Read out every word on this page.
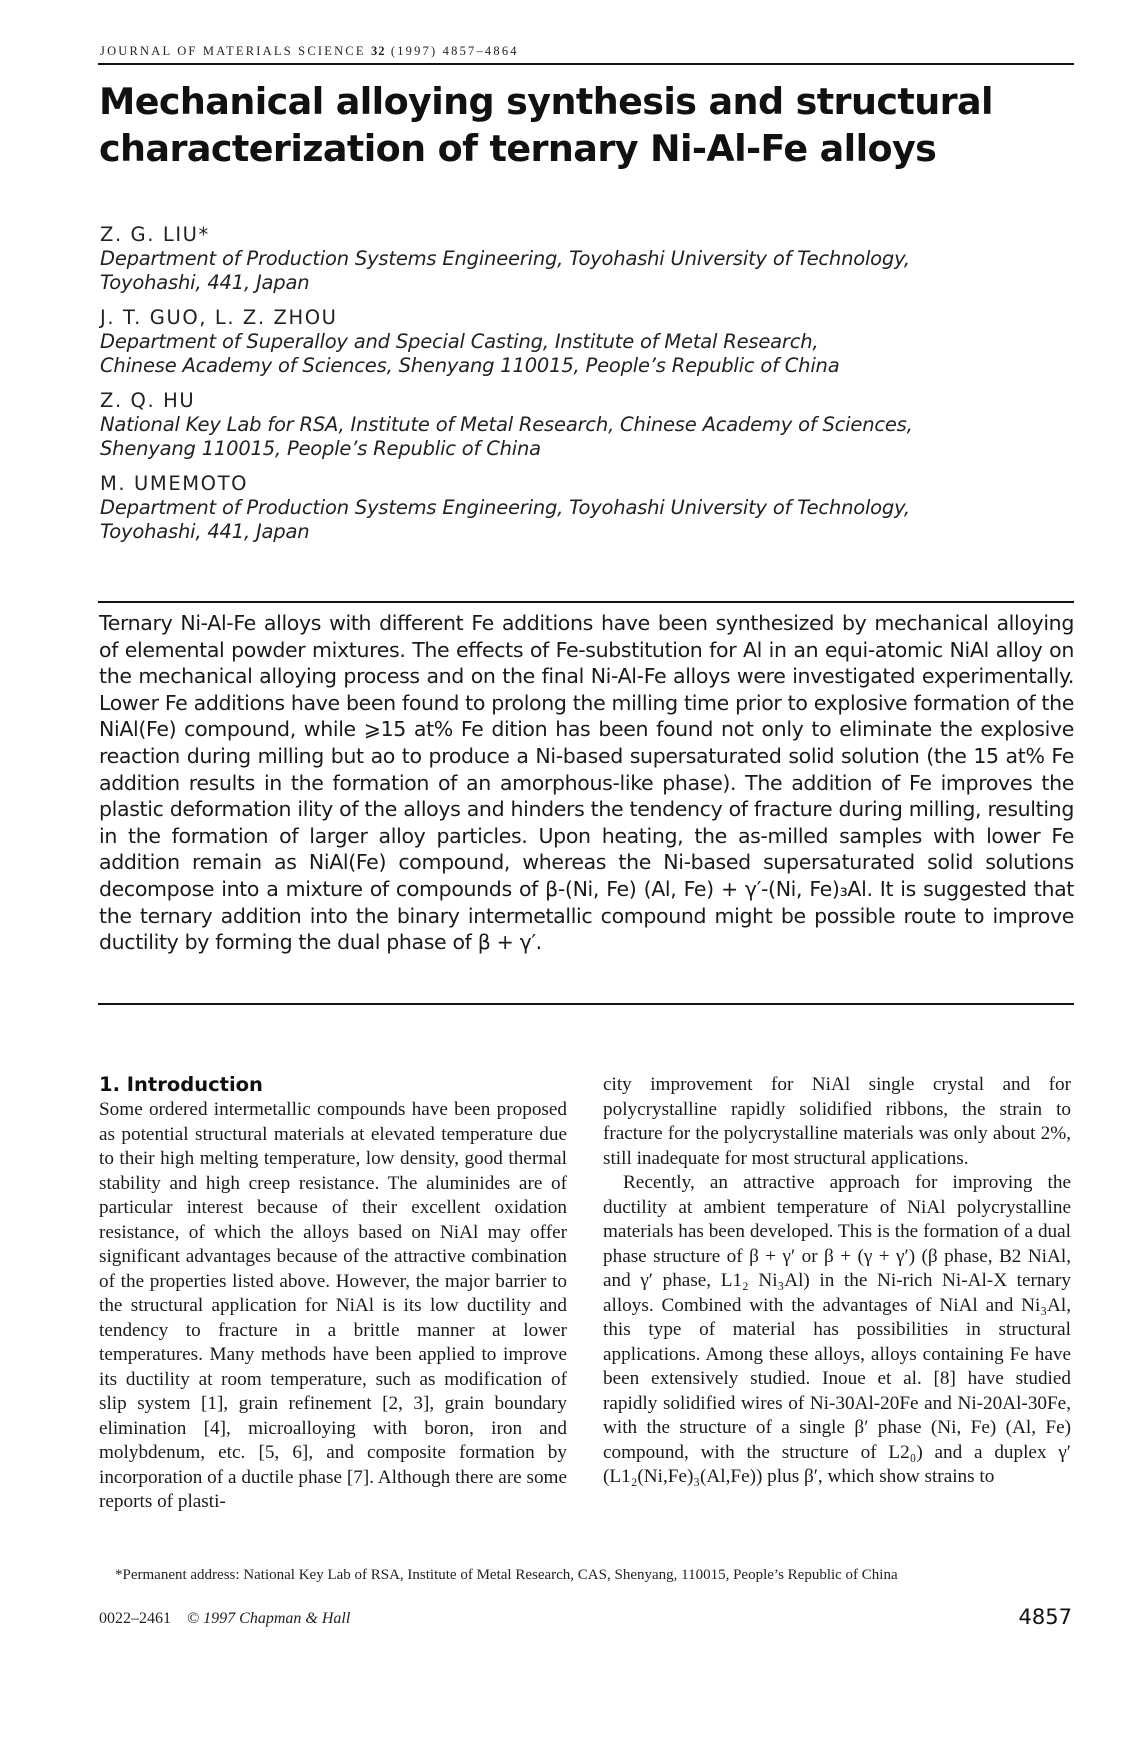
JOURNAL OF MATERIALS SCIENCE 32 (1997) 4857–4864
Mechanical alloying synthesis and structural
characterization of ternary Ni-Al-Fe alloys
Z. G. LIU*
Department of Production Systems Engineering, Toyohashi University of Technology,
Toyohashi, 441, Japan
J. T. GUO, L. Z. ZHOU
Department of Superalloy and Special Casting, Institute of Metal Research,
Chinese Academy of Sciences, Shenyang 110015, People’s Republic of China
Z. Q. HU
National Key Lab for RSA, Institute of Metal Research, Chinese Academy of Sciences,
Shenyang 110015, People’s Republic of China
M. UMEMOTO
Department of Production Systems Engineering, Toyohashi University of Technology,
Toyohashi, 441, Japan
Ternary Ni-Al-Fe alloys with different Fe additions have been synthesized by mechanical alloying of elemental powder mixtures. The effects of Fe-substitution for Al in an equi-atomic NiAl alloy on the mechanical alloying process and on the final Ni-Al-Fe alloys were investigated experimentally. Lower Fe additions have been found to prolong the milling time prior to explosive formation of the NiAl(Fe) compound, while ⩾15 at% Fe dition has been found not only to eliminate the explosive reaction during milling but ao to produce a Ni-based supersaturated solid solution (the 15 at% Fe addition results in the formation of an amorphous-like phase). The addition of Fe improves the plastic deformation ility of the alloys and hinders the tendency of fracture during milling, resulting in the formation of larger alloy particles. Upon heating, the as-milled samples with lower Fe addition remain as NiAl(Fe) compound, whereas the Ni-based supersaturated solid solutions decompose into a mixture of compounds of β-(Ni, Fe) (Al, Fe) + γ′-(Ni, Fe)₃Al. It is suggested that the ternary addition into the binary intermetallic compound might be possible route to improve ductility by forming the dual phase of β + γ′.
1. Introduction

Some ordered intermetallic compounds have been proposed as potential structural materials at elevated temperature due to their high melting temperature, low density, good thermal stability and high creep resistance. The aluminides are of particular interest because of their excellent oxidation resistance, of which the alloys based on NiAl may offer significant advantages because of the attractive combination of the properties listed above. However, the major barrier to the structural application for NiAl is its low ductility and tendency to fracture in a brittle manner at lower temperatures. Many methods have been applied to improve its ductility at room temperature, such as modification of slip system [1], grain refinement [2, 3], grain boundary elimination [4], microalloying with boron, iron and molybdenum, etc. [5, 6], and composite formation by incorporation of a ductile phase [7]. Although there are some reports of plasti-

city improvement for NiAl single crystal and for polycrystalline rapidly solidified ribbons, the strain to fracture for the polycrystalline materials was only about 2%, still inadequate for most structural applications.

Recently, an attractive approach for improving the ductility at ambient temperature of NiAl polycrystalline materials has been developed. This is the formation of a dual phase structure of β + γ′ or β + (γ + γ′) (β phase, B2 NiAl, and γ′ phase, L1₂ Ni₃Al) in the Ni-rich Ni-Al-X ternary alloys. Combined with the advantages of NiAl and Ni₃Al, this type of material has possibilities in structural applications. Among these alloys, alloys containing Fe have been extensively studied. Inoue et al. [8] have studied rapidly solidified wires of Ni-30Al-20Fe and Ni-20Al-30Fe, with the structure of a single β′ phase (Ni, Fe) (Al, Fe) compound, with the structure of L2₀) and a duplex γ′ (L1₂(Ni,Fe)₃(Al,Fe)) plus β′, which show strains to

*Permanent address: National Key Lab of RSA, Institute of Metal Research, CAS, Shenyang, 110015, People’s Republic of China
0022–2461 © 1997 Chapman & Hall	4857
